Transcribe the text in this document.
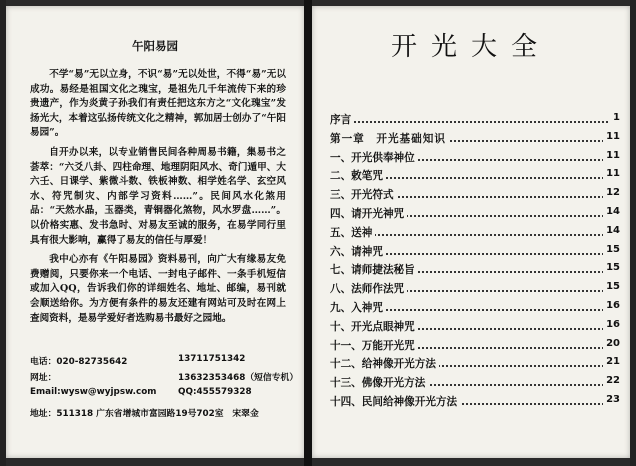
午阳易园

不学“易”无以立身，不识“易”无以处世，不得“易”无以成功。易经是祖国文化之瑰宝，是祖先几千年流传下来的珍贵遗产，作为炎黄子孙我们有责任把这东方之“文化瑰宝”发扬光大，本着这弘扬传统文化之精神，郭加居士创办了“午阳易园”。

自开办以来，以专业销售民间各种周易书籍，集易书之荟萃：“六爻八卦、四柱命理、地理阴阳风水、奇门遁甲、大六壬、日课学、紫微斗数、铁板神数、相学姓名学、玄空风水、符咒制灾、内部学习资料……”。民间风水化煞用品：“天然水晶，玉器类，青铜器化煞物，风水罗盘……”。以价格实惠、发书急时、对易友至诚的服务，在易学同行里具有很大影响，赢得了易友的信任与厚爱！

我中心亦有《午阳易园》资料易刊，向广大有缘易友免费赠阅，只要你来一个电话、一封电子邮件、一条手机短信或加入QQ，告诉我们你的详细姓名、地址、邮编，易刊就会顺送给你。为方便有条件的易友还建有网站可及时在网上查阅资料，是易学爱好者选购易书最好之园地。

电话：020-82735642	13711751342
网址：	13632353468（短信专机）
Email:wysw@wyjpsw.com QQ:455579328
地址：511318 广东省增城市富园路19号702室　宋翠金
开光大全
序言	1
第一章　开光基础知识	11
一、开光供奉神位	11
二、敕笔咒	11
三、开光符式	12
四、请开光神咒	14
五、送神	14
六、请神咒	15
七、请师捷法秘旨	15
八、法师作法咒	15
九、入神咒	16
十、开光点眼神咒	16
十一、万能开光咒	20
十二、给神像开光方法	21
十三、佛像开光方法	22
十四、民间给神像开光方法	23
